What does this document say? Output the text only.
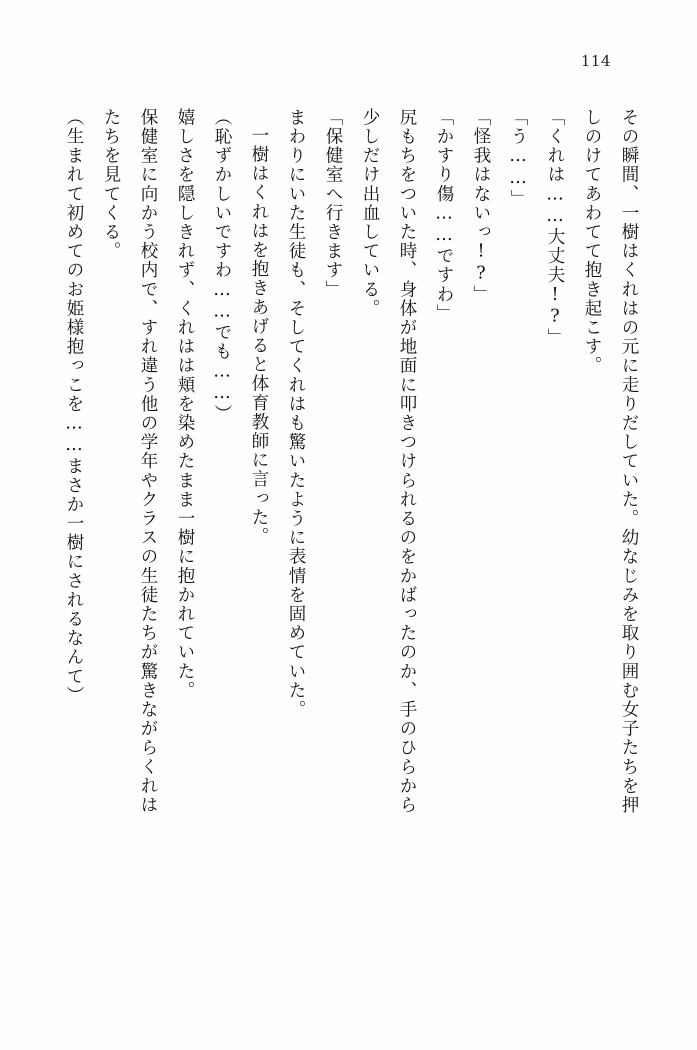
114
その瞬間、一樹はくれはの元に走りだしていた。幼なじみを取り囲む女子たちを押
しのけてあわてて抱き起こす。
「くれは……大丈夫!?」
「う……」
「怪我はないっ!?」
「かすり傷……ですわ」
尻もちをついた時、身体が地面に叩きつけられるのをかばったのか、手のひらから
少しだけ出血している。
「保健室へ行きます」
まわりにいた生徒も、そしてくれはも驚いたように表情を固めていた。
一樹はくれはを抱きあげると体育教師に言った。
（恥ずかしいですわ……でも……）
嬉しさを隠しきれず、くれはは頬を染めたまま一樹に抱かれていた。
保健室に向かう校内で、すれ違う他の学年やクラスの生徒たちが驚きながらくれは
たちを見てくる。
（生まれて初めてのお姫様抱っこを……まさか一樹にされるなんて）
